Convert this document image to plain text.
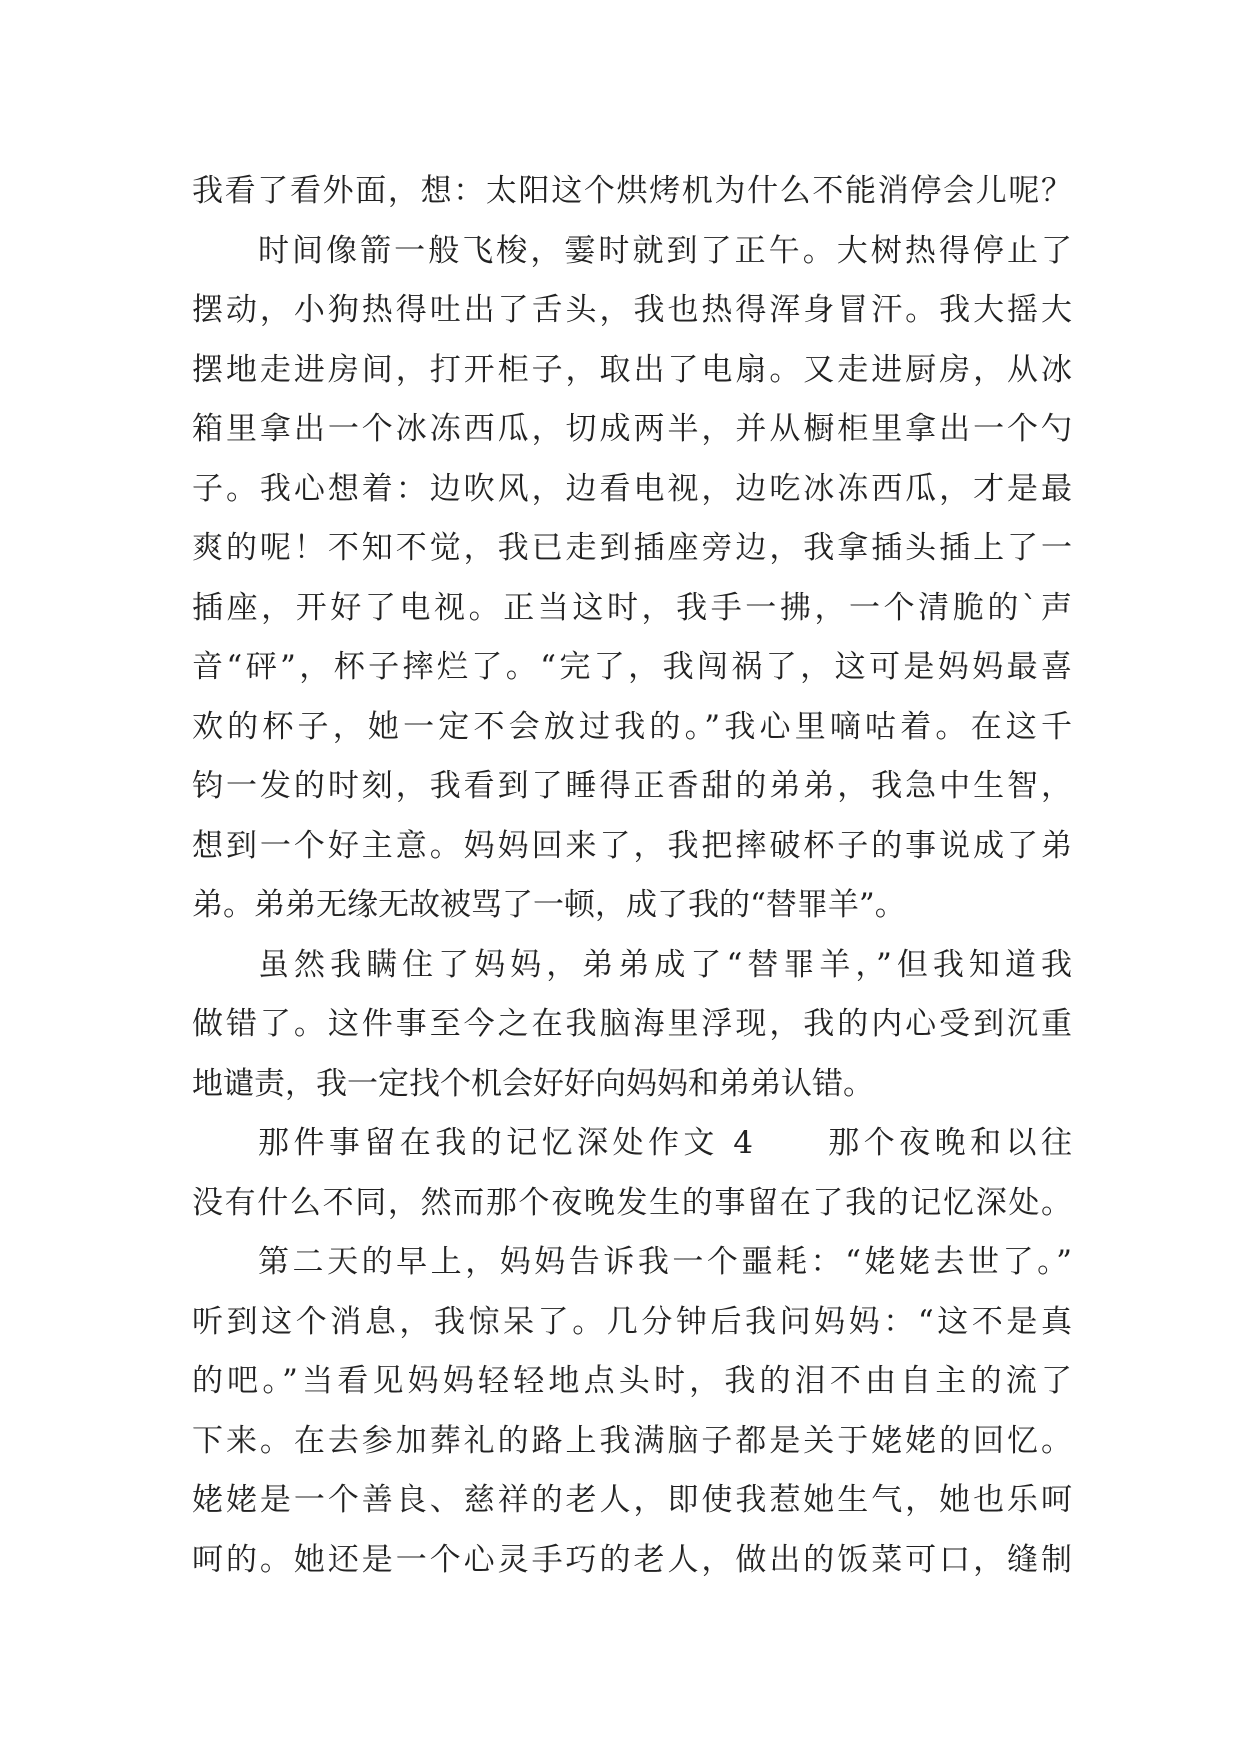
我看了看外面，想：太阳这个烘烤机为什么不能消停会儿呢？
时间像箭一般飞梭，霎时就到了正午。大树热得停止了
摆动，小狗热得吐出了舌头，我也热得浑身冒汗。我大摇大
摆地走进房间，打开柜子，取出了电扇。又走进厨房，从冰
箱里拿出一个冰冻西瓜，切成两半，并从橱柜里拿出一个勺
子。我心想着：边吹风，边看电视，边吃冰冻西瓜，才是最
爽的呢！不知不觉，我已走到插座旁边，我拿插头插上了一
插座，开好了电视。正当这时，我手一拂，一个清脆的`声
音“砰”，杯子摔烂了。“完了，我闯祸了，这可是妈妈最喜
欢的杯子，她一定不会放过我的。”我心里嘀咕着。在这千
钧一发的时刻，我看到了睡得正香甜的弟弟，我急中生智，
想到一个好主意。妈妈回来了，我把摔破杯子的事说成了弟
弟。弟弟无缘无故被骂了一顿，成了我的“替罪羊”。
虽然我瞒住了妈妈，弟弟成了“替罪羊，”但我知道我
做错了。这件事至今之在我脑海里浮现，我的内心受到沉重
地谴责，我一定找个机会好好向妈妈和弟弟认错。
那件事留在我的记忆深处作文 4　　那个夜晚和以往
没有什么不同，然而那个夜晚发生的事留在了我的记忆深处。
第二天的早上，妈妈告诉我一个噩耗：“姥姥去世了。”
听到这个消息，我惊呆了。几分钟后我问妈妈：“这不是真
的吧。”当看见妈妈轻轻地点头时，我的泪不由自主的流了
下来。在去参加葬礼的路上我满脑子都是关于姥姥的回忆。
姥姥是一个善良、慈祥的老人，即使我惹她生气，她也乐呵
呵的。她还是一个心灵手巧的老人，做出的饭菜可口，缝制
